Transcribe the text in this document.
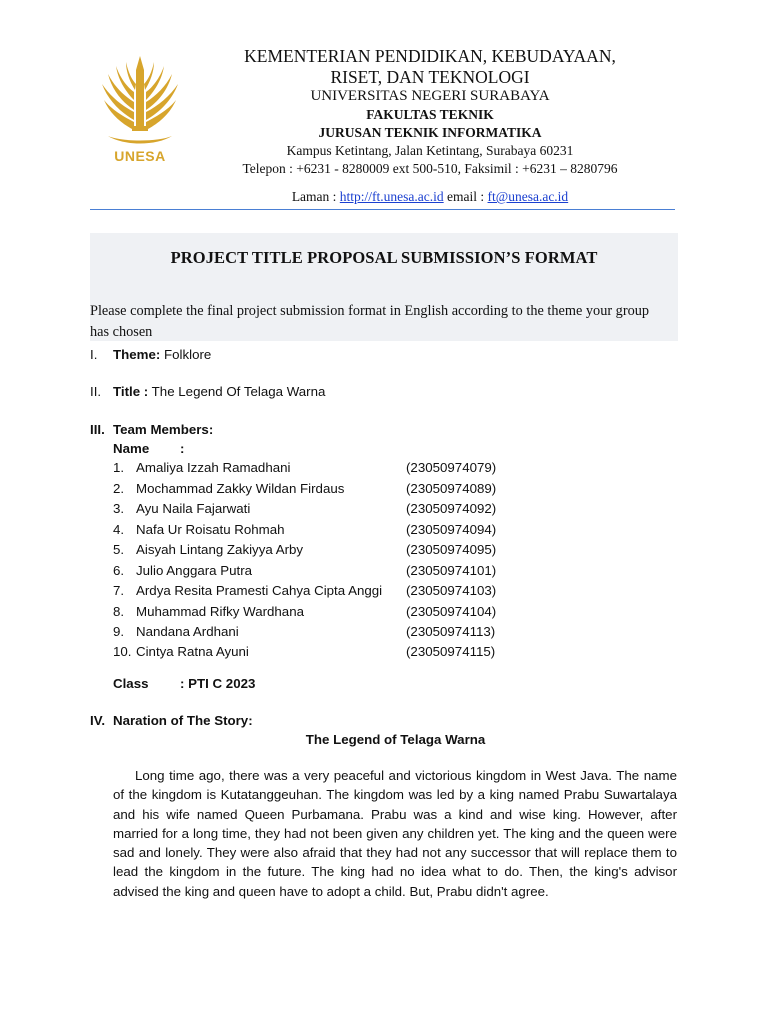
UNESA
KEMENTERIAN PENDIDIKAN, KEBUDAYAAN,
RISET, DAN TEKNOLOGI
UNIVERSITAS NEGERI SURABAYA
FAKULTAS TEKNIK
JURUSAN TEKNIK INFORMATIKA
Kampus Ketintang, Jalan Ketintang, Surabaya 60231
Telepon : +6231 - 8280009 ext 500-510, Faksimil : +6231 – 8280796
Laman : http://ft.unesa.ac.id email : ft@unesa.ac.id
PROJECT TITLE PROPOSAL SUBMISSION’S FORMAT
Please complete the final project submission format in English according to the theme your group has chosen
I.	Theme: Folklore
II. Title : The Legend Of Telaga Warna
III. Team Members:
Name :
1. Amaliya Izzah Ramadhani	(23050974079)
2. Mochammad Zakky Wildan Firdaus	(23050974089)
3. Ayu Naila Fajarwati	(23050974092)
4. Nafa Ur Roisatu Rohmah	(23050974094)
5. Aisyah Lintang Zakiyya Arby	(23050974095)
6. Julio Anggara Putra	(23050974101)
7. Ardya Resita Pramesti Cahya Cipta Anggi (23050974103)
8. Muhammad Rifky Wardhana	(23050974104)
9. Nandana Ardhani	(23050974113)
10. Cintya Ratna Ayuni	(23050974115)
Class : PTI C 2023
IV. Naration of The Story:
The Legend of Telaga Warna
Long time ago, there was a very peaceful and victorious kingdom in West Java. The name of the kingdom is Kutatanggeuhan. The kingdom was led by a king named Prabu Suwartalaya and his wife named Queen Purbamana. Prabu was a kind and wise king. However, after married for a long time, they had not been given any children yet. The king and the queen were sad and lonely. They were also afraid that they had not any successor that will replace them to lead the kingdom in the future. The king had no idea what to do. Then, the king's advisor advised the king and queen have to adopt a child. But, Prabu didn't agree.
